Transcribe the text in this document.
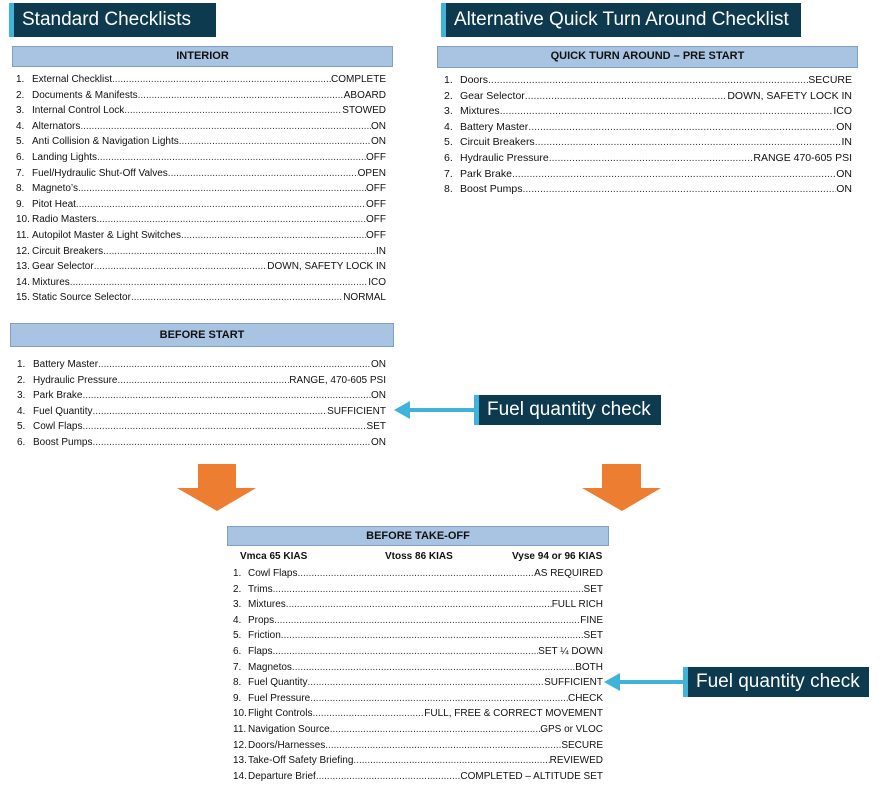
Standard Checklists	Alternative Quick Turn Around Checklist
INTERIOR
1. External Checklist .....	COMPLETE
2. Documents & Manifests .....	ABOARD
3. Internal Control Lock .....	STOWED
4. Alternators .....	ON
5. Anti Collision & Navigation Lights .....	ON
6. Landing Lights .....	OFF
7. Fuel/Hydraulic Shut-Off Valves .....	OPEN
8. Magneto’s .....	OFF
9. Pitot Heat .....	OFF
10. Radio Masters .....	OFF
11. Autopilot Master & Light Switches .....	OFF
12. Circuit Breakers .....	IN
13. Gear Selector .....	DOWN, SAFETY LOCK IN
14. Mixtures .....	ICO
15. Static Source Selector .....	NORMAL
QUICK TURN AROUND – PRE START
1. Doors .....	SECURE
2. Gear Selector .....	DOWN, SAFETY LOCK IN
3. Mixtures .....	ICO
4. Battery Master .....	ON
5. Circuit Breakers .....	IN
6. Hydraulic Pressure .....	RANGE 470-605 PSI
7. Park Brake .....	ON
8. Boost Pumps .....	ON
BEFORE START
1. Battery Master .....	ON
2. Hydraulic Pressure .....	RANGE, 470-605 PSI
3. Park Brake .....	ON
4. Fuel Quantity .....	SUFFICIENT
5. Cowl Flaps .....	SET
6. Boost Pumps .....	ON
Fuel quantity check
Fuel quantity check
BEFORE TAKE-OFF
Vmca 65 KIAS	Vtoss 86 KIAS	Vyse 94 or 96 KIAS
1. Cowl Flaps .....	AS REQUIRED
2. Trims .....	SET
3. Mixtures .....	FULL RICH
4. Props .....	FINE
5. Friction .....	SET
6. Flaps .....	SET ¼ DOWN
7. Magnetos .....	BOTH
8. Fuel Quantity .....	SUFFICIENT
9. Fuel Pressure .....	CHECK
10. Flight Controls .....	FULL, FREE & CORRECT MOVEMENT
11. Navigation Source .....	GPS or VLOC
12. Doors/Harnesses .....	SECURE
13. Take-Off Safety Briefing .....	REVIEWED
14. Departure Brief .....	COMPLETED – ALTITUDE SET
